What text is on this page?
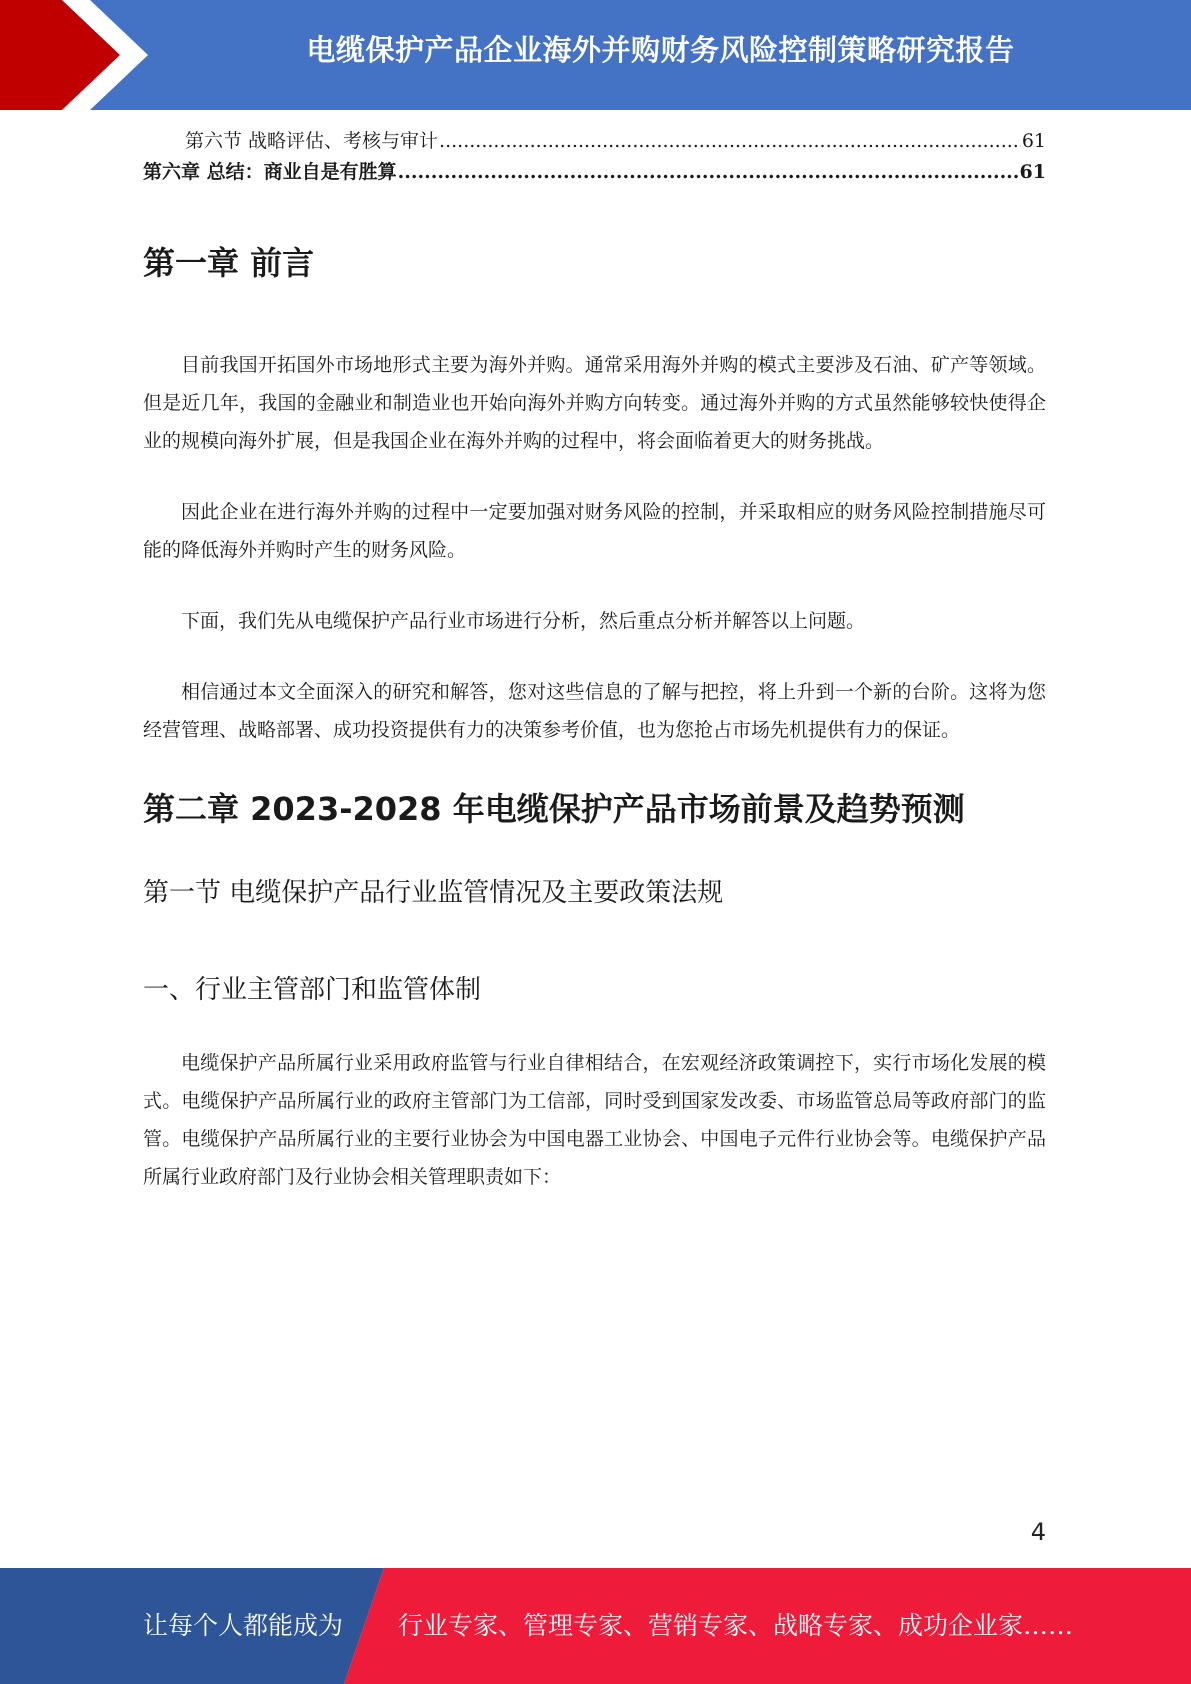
电缆保护产品企业海外并购财务风险控制策略研究报告
第六节 战略评估、考核与审计 .....	61
第六章 总结：商业自是有胜算 .....	61
第一章 前言

目前我国开拓国外市场地形式主要为海外并购。通常采用海外并购的模式主要涉及石油、矿产等领域。但是近几年，我国的金融业和制造业也开始向海外并购方向转变。通过海外并购的方式虽然能够较快使得企业的规模向海外扩展，但是我国企业在海外并购的过程中，将会面临着更大的财务挑战。

因此企业在进行海外并购的过程中一定要加强对财务风险的控制，并采取相应的财务风险控制措施尽可能的降低海外并购时产生的财务风险。

下面，我们先从电缆保护产品行业市场进行分析，然后重点分析并解答以上问题。

相信通过本文全面深入的研究和解答，您对这些信息的了解与把控，将上升到一个新的台阶。这将为您经营管理、战略部署、成功投资提供有力的决策参考价值，也为您抢占市场先机提供有力的保证。

第二章 2023-2028 年电缆保护产品市场前景及趋势预测
第一节 电缆保护产品行业监管情况及主要政策法规
一、行业主管部门和监管体制

电缆保护产品所属行业采用政府监管与行业自律相结合，在宏观经济政策调控下，实行市场化发展的模式。电缆保护产品所属行业的政府主管部门为工信部，同时受到国家发改委、市场监管总局等政府部门的监管。电缆保护产品所属行业的主要行业协会为中国电器工业协会、中国电子元件行业协会等。电缆保护产品所属行业政府部门及行业协会相关管理职责如下：

4
让每个人都能成为 行业专家、管理专家、营销专家、战略专家、成功企业家……
